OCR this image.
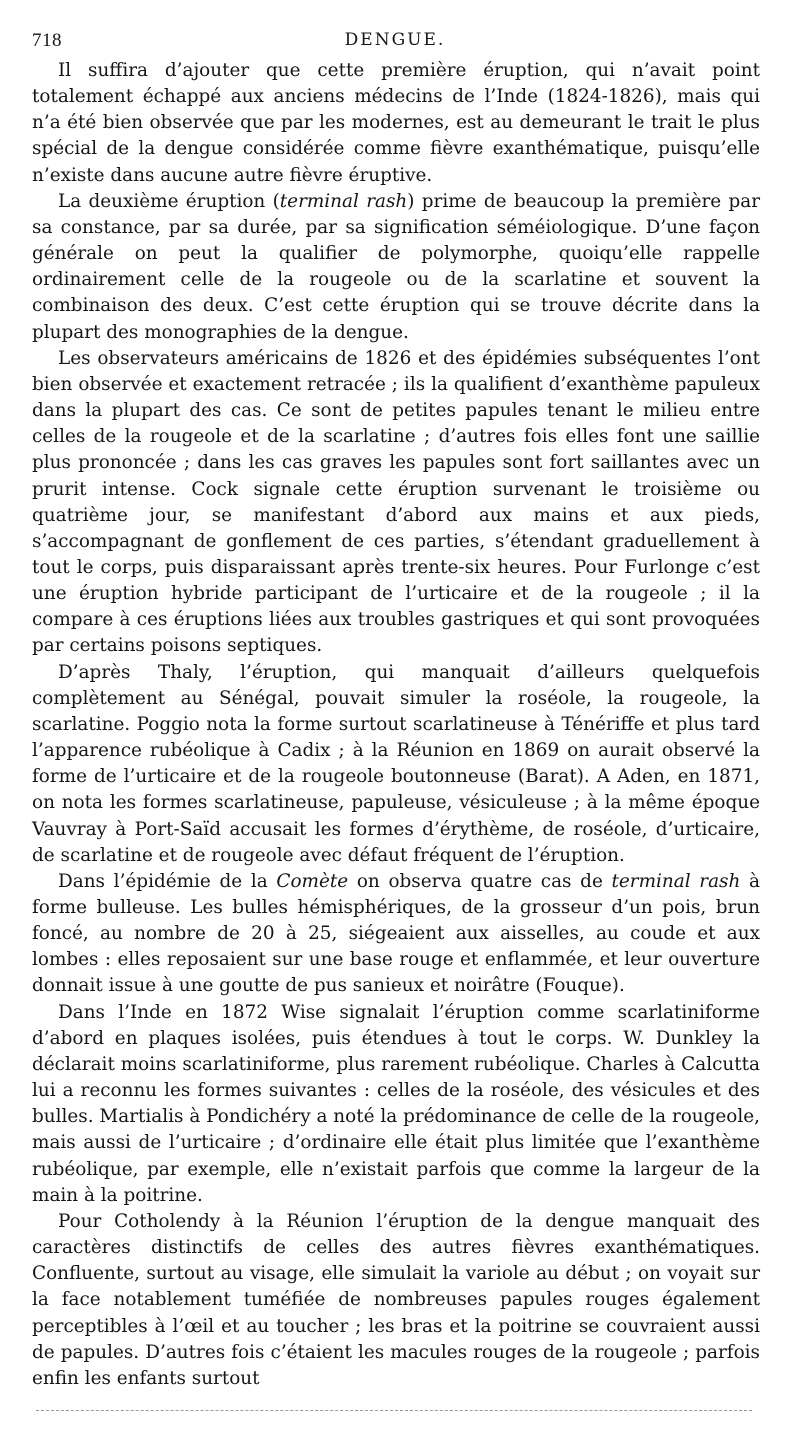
718	DENGUE.

Il suffira d’ajouter que cette première éruption, qui n’avait point totalement échappé aux anciens médecins de l’Inde (1824-1826), mais qui n’a été bien observée que par les modernes, est au demeurant le trait le plus spécial de la dengue considérée comme fièvre exanthématique, puisqu’elle n’existe dans aucune autre fièvre éruptive.

La deuxième éruption (terminal rash) prime de beaucoup la première par sa constance, par sa durée, par sa signification séméiologique. D’une façon générale on peut la qualifier de polymorphe, quoiqu’elle rappelle ordinairement celle de la rougeole ou de la scarlatine et souvent la combinaison des deux. C’est cette éruption qui se trouve décrite dans la plupart des monographies de la dengue.

Les observateurs américains de 1826 et des épidémies subséquentes l’ont bien observée et exactement retracée ; ils la qualifient d’exanthème papuleux dans la plupart des cas. Ce sont de petites papules tenant le milieu entre celles de la rougeole et de la scarlatine ; d’autres fois elles font une saillie plus prononcée ; dans les cas graves les papules sont fort saillantes avec un prurit intense. Cock signale cette éruption survenant le troisième ou quatrième jour, se manifestant d’abord aux mains et aux pieds, s’accompagnant de gonflement de ces parties, s’étendant graduellement à tout le corps, puis disparaissant après trente-six heures. Pour Furlonge c’est une éruption hybride participant de l’urticaire et de la rougeole ; il la compare à ces éruptions liées aux troubles gastriques et qui sont provoquées par certains poisons septiques.

D’après Thaly, l’éruption, qui manquait d’ailleurs quelquefois complètement au Sénégal, pouvait simuler la roséole, la rougeole, la scarlatine. Poggio nota la forme surtout scarlatineuse à Ténériffe et plus tard l’apparence rubéolique à Cadix ; à la Réunion en 1869 on aurait observé la forme de l’urticaire et de la rougeole boutonneuse (Barat). A Aden, en 1871, on nota les formes scarlatineuse, papuleuse, vésiculeuse ; à la même époque Vauvray à Port-Saïd accusait les formes d’érythème, de roséole, d’urticaire, de scarlatine et de rougeole avec défaut fréquent de l’éruption.

Dans l’épidémie de la Comète on observa quatre cas de terminal rash à forme bulleuse. Les bulles hémisphériques, de la grosseur d’un pois, brun foncé, au nombre de 20 à 25, siégeaient aux aisselles, au coude et aux lombes : elles reposaient sur une base rouge et enflammée, et leur ouverture donnait issue à une goutte de pus sanieux et noirâtre (Fouque).

Dans l’Inde en 1872 Wise signalait l’éruption comme scarlatiniforme d’abord en plaques isolées, puis étendues à tout le corps. W. Dunkley la déclarait moins scarlatiniforme, plus rarement rubéolique. Charles à Calcutta lui a reconnu les formes suivantes : celles de la roséole, des vésicules et des bulles. Martialis à Pondichéry a noté la prédominance de celle de la rougeole, mais aussi de l’urticaire ; d’ordinaire elle était plus limitée que l’exanthème rubéolique, par exemple, elle n’existait parfois que comme la largeur de la main à la poitrine.

Pour Cotholendy à la Réunion l’éruption de la dengue manquait des caractères distinctifs de celles des autres fièvres exanthématiques. Confluente, surtout au visage, elle simulait la variole au début ; on voyait sur la face notablement tuméfiée de nombreuses papules rouges également perceptibles à l’œil et au toucher ; les bras et la poitrine se couvraient aussi de papules. D’autres fois c’étaient les macules rouges de la rougeole ; parfois enfin les enfants surtout
